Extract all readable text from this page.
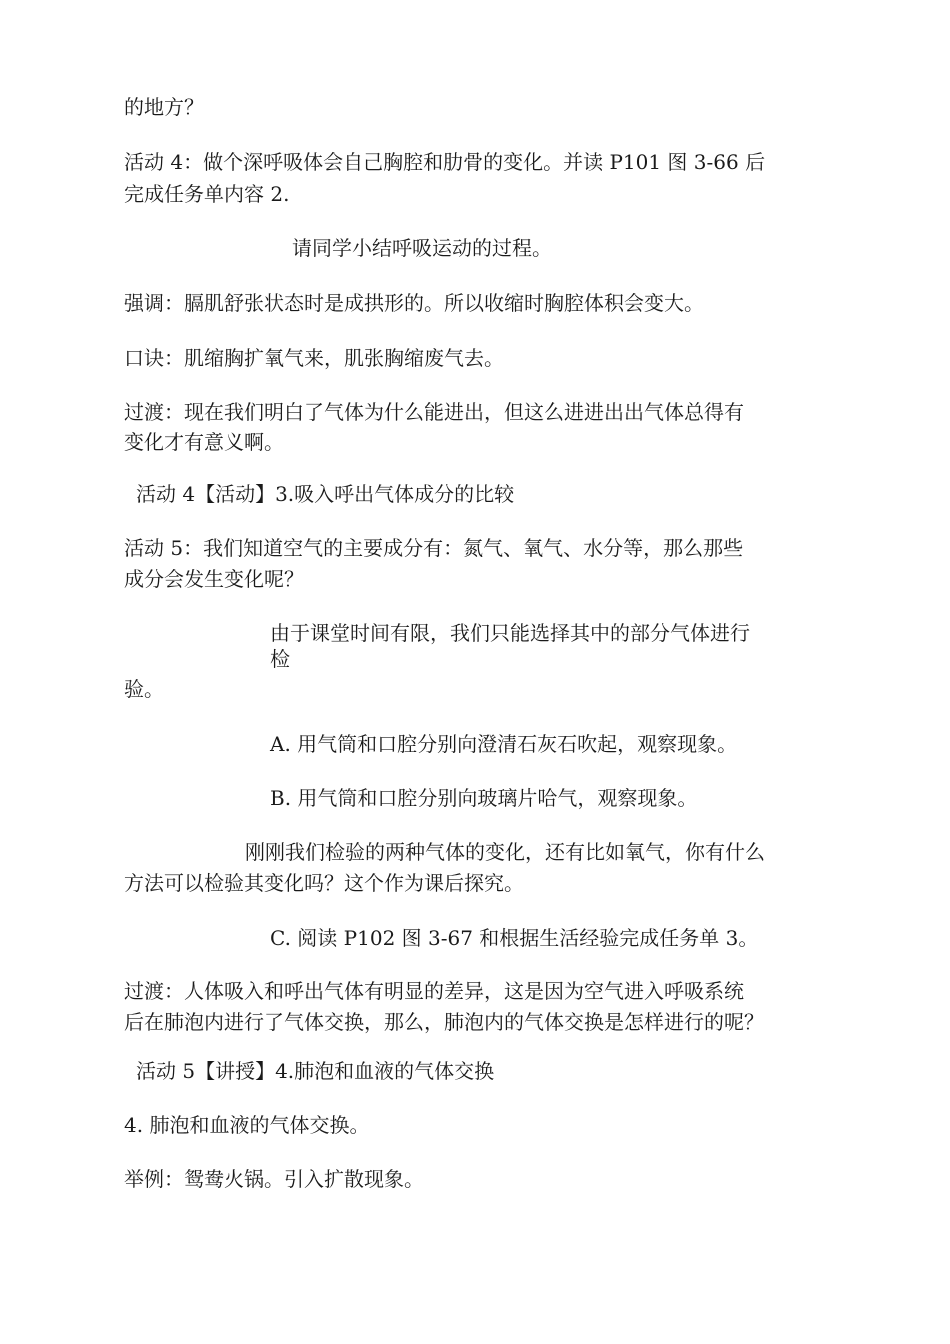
的地方？

活动 4：做个深呼吸体会自己胸腔和肋骨的变化。并读 P101 图 3-66 后

完成任务单内容 2.

请同学小结呼吸运动的过程。

强调：膈肌舒张状态时是成拱形的。所以收缩时胸腔体积会变大。

口诀：肌缩胸扩氧气来，肌张胸缩废气去。

过渡：现在我们明白了气体为什么能进出，但这么进进出出气体总得有

变化才有意义啊。

活动 4【活动】3.吸入呼出气体成分的比较

活动 5：我们知道空气的主要成分有：氮气、氧气、水分等，那么那些

成分会发生变化呢？

由于课堂时间有限，我们只能选择其中的部分气体进行

检

验。

A. 用气筒和口腔分别向澄清石灰石吹起，观察现象。

B. 用气筒和口腔分别向玻璃片哈气，观察现象。

刚刚我们检验的两种气体的变化，还有比如氧气，你有什么

方法可以检验其变化吗？这个作为课后探究。

C. 阅读 P102 图 3-67 和根据生活经验完成任务单 3。

过渡：人体吸入和呼出气体有明显的差异，这是因为空气进入呼吸系统

后在肺泡内进行了气体交换，那么，肺泡内的气体交换是怎样进行的呢？

活动 5【讲授】4.肺泡和血液的气体交换

4. 肺泡和血液的气体交换。

举例：鸳鸯火锅。引入扩散现象。
